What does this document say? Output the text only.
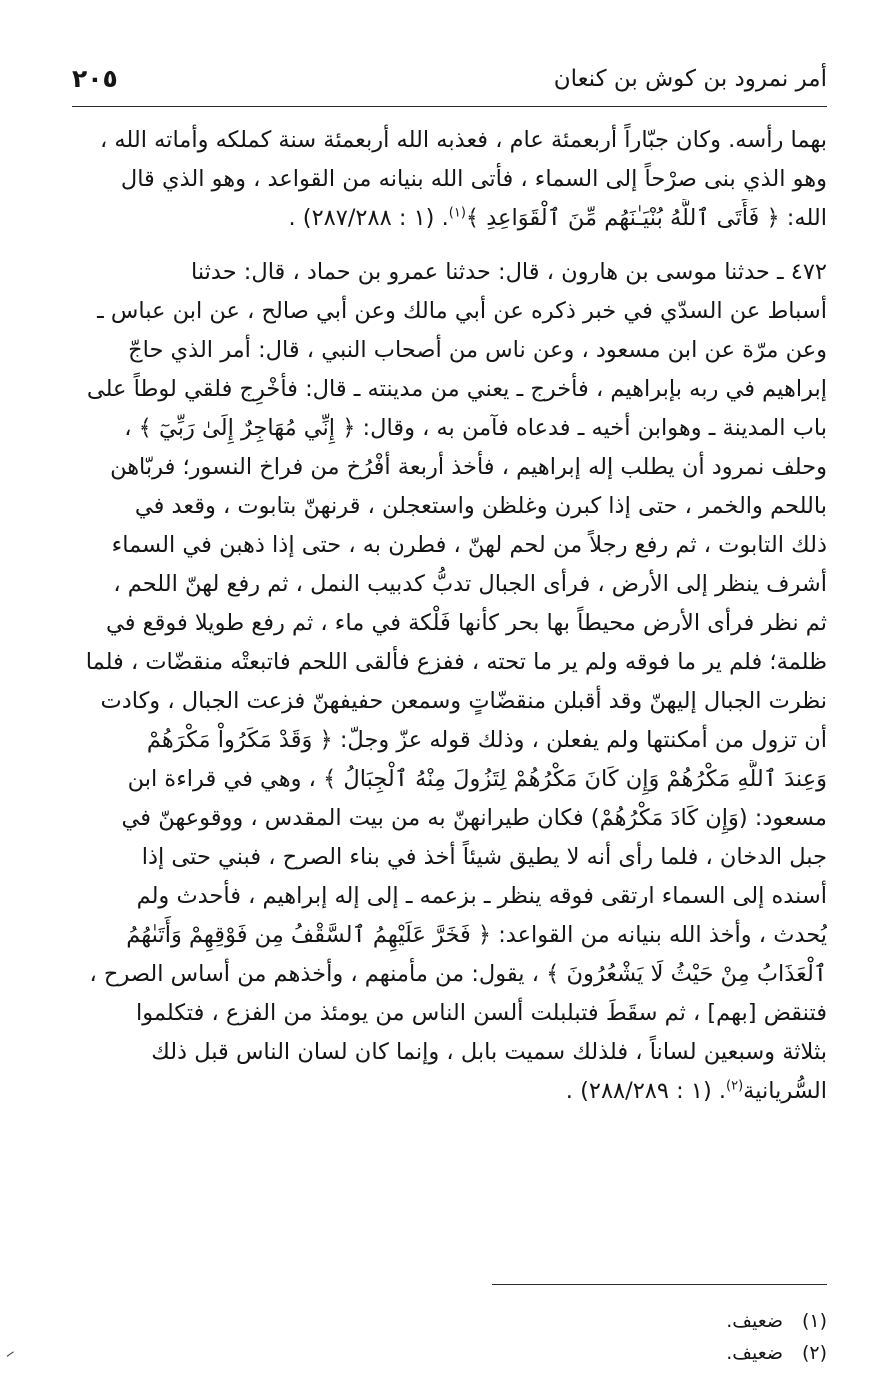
أمر نمرود بن كوش بن كنعان
٢٠٥
بهما رأسه. وكان جبّاراً أربعمئة عام ، فعذبه الله أربعمئة سنة كملكه وأماته الله ،
وهو الذي بنى صرْحاً إلى السماء ، فأتى الله بنيانه من القواعد ، وهو الذي قال
الله: ﴿ فَأَتَى ٱللَّهُ بُنْيَـٰنَهُم مِّنَ ٱلْقَوَاعِدِ ﴾$^{(١)}$. (١ : ٢٨٧/٢٨٨) .
٤٧٢ ـ حدثنا موسى بن هارون ، قال: حدثنا عمرو بن حماد ، قال: حدثنا
أسباط عن السدّي في خبر ذكره عن أبي مالك وعن أبي صالح ، عن ابن عباس ـ
وعن مرّة عن ابن مسعود ، وعن ناس من أصحاب النبي ، قال: أمر الذي حاجّ
إبراهيم في ربه بإبراهيم ، فأخرج ـ يعني من مدينته ـ قال: فأخْرِج فلقي لوطاً على
باب المدينة ـ وهوابن أخيه ـ فدعاه فآمن به ، وقال: ﴿ إِنِّي مُهَاجِرٌ إِلَىٰ رَبِّيٓ ﴾ ،
وحلف نمرود أن يطلب إله إبراهيم ، فأخذ أربعة أفْرُخ من فراخ النسور؛ فربّاهن
باللحم والخمر ، حتى إذا كبرن وغلظن واستعجلن ، قرنهنّ بتابوت ، وقعد في
ذلك التابوت ، ثم رفع رجلاً من لحم لهنّ ، فطرن به ، حتى إذا ذهبن في السماء
أشرف ينظر إلى الأرض ، فرأى الجبال تدبُّ كدبيب النمل ، ثم رفع لهنّ اللحم ،
ثم نظر فرأى الأرض محيطاً بها بحر كأنها فَلْكة في ماء ، ثم رفع طويلا فوقع في
ظلمة؛ فلم ير ما فوقه ولم ير ما تحته ، ففزع فألقى اللحم فاتبعتْه منقضّات ، فلما
نظرت الجبال إليهنّ وقد أقبلن منقضّاتٍ وسمعن حفيفهنّ فزعت الجبال ، وكادت
أن تزول من أمكنتها ولم يفعلن ، وذلك قوله عزّ وجلّ: ﴿ وَقَدْ مَكَرُواْ مَكْرَهُمْ
وَعِندَ ٱللَّهِ مَكْرُهُمْ وَإِن كَانَ مَكْرُهُمْ لِتَزُولَ مِنْهُ ٱلْجِبَالُ ﴾ ، وهي في قراءة ابن
مسعود: (وَإِن كَادَ مَكْرُهُمْ) فكان طيرانهنّ به من بيت المقدس ، ووقوعهنّ في
جبل الدخان ، فلما رأى أنه لا يطيق شيئاً أخذ في بناء الصرح ، فبني حتى إذا
أسنده إلى السماء ارتقى فوقه ينظر ـ بزعمه ـ إلى إله إبراهيم ، فأحدث ولم
يُحدث ، وأخذ الله بنيانه من القواعد: ﴿ فَخَرَّ عَلَيْهِمُ ٱلسَّقْفُ مِن فَوْقِهِمْ وَأَتَىٰهُمُ
ٱلْعَذَابُ مِنْ حَيْثُ لَا يَشْعُرُونَ ﴾ ، يقول: من مأمنهم ، وأخذهم من أساس الصرح ،
فتنقض [بهم] ، ثم سقَطَ فتبلبلت ألسن الناس من يومئذ من الفزع ، فتكلموا
بثلاثة وسبعين لساناً ، فلذلك سميت بابل ، وإنما كان لسان الناس قبل ذلك
السُّريانية$^{(٢)}$. (١ : ٢٨٨/٢٨٩) .
(١)
ضعيف.
(٢)
ضعيف.
